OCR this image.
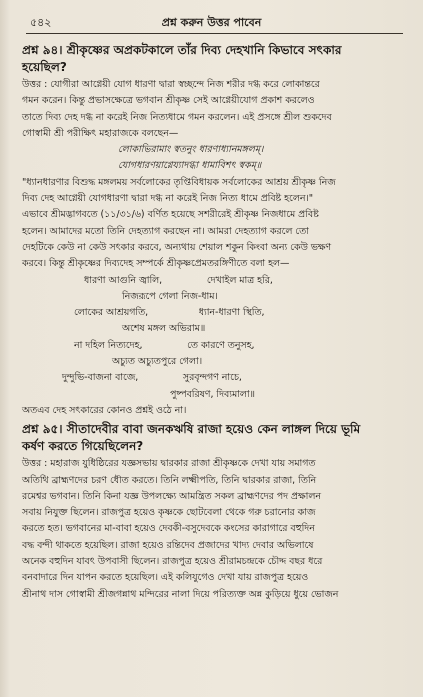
৫৪২	প্রশ্ন করুন উত্তর পাবেন
প্রশ্ন ৯৪। শ্রীকৃষ্ণের অপ্রকটকালে তাঁর দিব্য দেহখানি কিভাবে সৎকার
হয়েছিল?

উত্তর : যোগীরা আগ্নেয়ী যোগ ধারণা দ্বারা স্বচ্ছন্দে নিজ শরীর দগ্ধ করে লোকান্তরে

গমন করেন। কিন্তু প্রভাসক্ষেত্রে ভগবান শ্রীকৃষ্ণ সেই আগ্নেয়ীযোগ প্রকাশ করলেও

তাতে দিব্য দেহ দগ্ধ না করেই নিজ নিত্যধামে গমন করলেন। এই প্রসঙ্গে শ্রীল শুকদেব

গোস্বামী শ্রী পরীক্ষিৎ মহারাজকে বলছেন—

লোকাভিরামাং স্বতনুং ধারণাধ্যানমঙ্গলম্।

যোগধারণয়াগ্নেয্যাদগ্ধা ধামাবিশৎ স্বকম্॥

"ধ্যানধারণার বিশুদ্ধ মঙ্গলময় সর্বলোকের তৃপ্তিবিধায়ক সর্বলোকের আশ্রয় শ্রীকৃষ্ণ নিজ

দিব্য দেহ আগ্নেয়ী যোগধারণা দ্বারা দগ্ধ না করেই নিজ নিত্য ধামে প্রবিষ্ট হলেন।"

এভাবে শ্রীমদ্ভাগবতে (১১/৩১/৬) বর্ণিত হয়েছে সশরীরেই শ্রীকৃষ্ণ নিজধামে প্রবিষ্ট

হলেন। আমাদের মতো তিনি দেহত্যাগ করছেন না। আমরা দেহত্যাগ করলে তো

দেহটিকে কেউ না কেউ সৎকার করবে, অন্যথায় শেয়াল শকুন কিংবা অন্য কেউ ভক্ষণ

করবে। কিন্তু শ্রীকৃষ্ণের দিব্যদেহ সম্পর্কে শ্রীকৃষ্ণপ্রেমতরঙ্গিণীতে বলা হল—

ধারণা আগুনি জ্বালি,               দেখাইল মাত্র হরি,
নিজরূপে গেলা নিজ-ধাম।
লোকের আশ্রয়গতি,                 ধ্যান-ধারণা স্থিতি,
অশেষ মঙ্গল অভিরাম॥
না দহিল নিত্যদেহ,               তে কারণে তনুসহ,
অচ্যুত অচ্যুতপুরে গেলা।
দুন্দুভি-বাজনা বাজে,               সুরবৃন্দগণ নাচে,
পুষ্পবরিষণ, দিব্যমালা॥

অতএব দেহ সৎকারের কোনও প্রশ্নই ওঠে না।

প্রশ্ন ৯৫। সীতাদেবীর বাবা জনকঋষি রাজা হয়েও কেন লাঙ্গল দিয়ে ভূমি
কর্ষণ করতে গিয়েছিলেন?

উত্তর : মহারাজ যুধিষ্ঠিরের যজ্ঞসভায় দ্বারকার রাজা শ্রীকৃষ্ণকে দেখা যায় সমাগত

অতিথি ব্রাহ্মণদের চরণ ধৌত করতে। তিনি লক্ষ্মীপতি, তিনি দ্বারকার রাজা, তিনি

রমেশ্বর ভগবান। তিনি কিনা যজ্ঞ উপলক্ষ্যে আমন্ত্রিত সকল ব্রাহ্মণদের পদ প্রক্ষালন

সবায় নিযুক্ত ছিলেন। রাজপুত্র হয়েও কৃষ্ণকে ছোটবেলা থেকে গরু চরানোর কাজ

করতে হত। ভগবানের মা-বাবা হয়েও দেবকী-বসুদেবকে কংসের কারাগারে বহুদিন

বদ্ধ বন্দী থাকতে হয়েছিল। রাজা হয়েও রন্তিদেব প্রজাদের খাদ্য দেবার অভিলাষে

অনেক বহুদিন যাবৎ উপবাসী ছিলেন। রাজপুত্র হয়েও শ্রীরামচন্দ্রকে চৌদ্দ বছর ধরে

বনবাদারে দিন যাপন করতে হয়েছিল। এই কলিযুগেও দেখা যায় রাজপুত্র হয়েও

শ্রীনাথ দাস গোস্বামী শ্রীজগন্নাথ মন্দিরের নালা দিয়ে পরিত্যক্ত অন্ন কুড়িয়ে ধুয়ে ভোজন
